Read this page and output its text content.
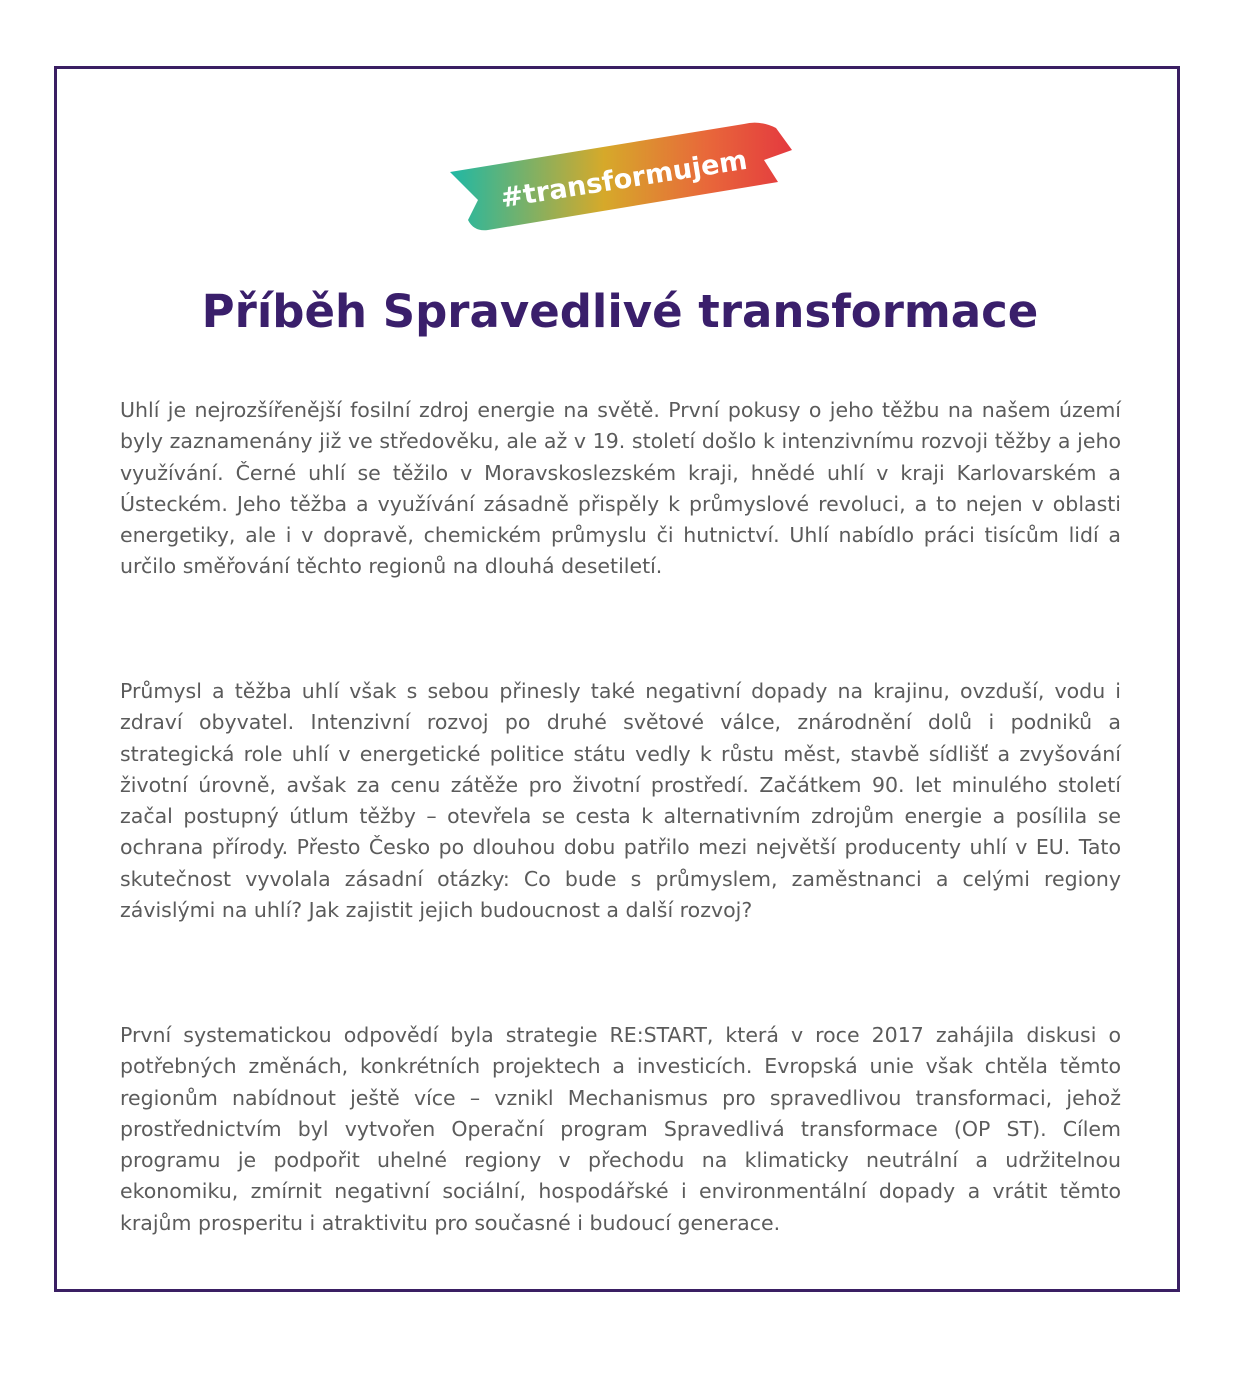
#transformujem
Příběh Spravedlivé transformace

Uhlí je nejrozšířenější fosilní zdroj energie na světě. První pokusy o jeho těžbu na našem území byly zaznamenány již ve středověku, ale až v 19. století došlo k intenzivnímu rozvoji těžby a jeho využívání. Černé uhlí se těžilo v Moravskoslezském kraji, hnědé uhlí v kraji Karlovarském a Ústeckém. Jeho těžba a využívání zásadně přispěly k průmyslové revoluci, a to nejen v oblasti energetiky, ale i v dopravě, chemickém průmyslu či hutnictví. Uhlí nabídlo práci tisícům lidí a určilo směřování těchto regionů na dlouhá desetiletí.

Průmysl a těžba uhlí však s sebou přinesly také negativní dopady na krajinu, ovzduší, vodu i zdraví obyvatel. Intenzivní rozvoj po druhé světové válce, znárodnění dolů i podniků a strategická role uhlí v energetické politice státu vedly k růstu měst, stavbě sídlišť a zvyšování životní úrovně, avšak za cenu zátěže pro životní prostředí. Začátkem 90. let minulého století začal postupný útlum těžby – otevřela se cesta k alternativním zdrojům energie a posílila se ochrana přírody. Přesto Česko po dlouhou dobu patřilo mezi největší producenty uhlí v EU. Tato skutečnost vyvolala zásadní otázky: Co bude s průmyslem, zaměstnanci a celými regiony závislými na uhlí? Jak zajistit jejich budoucnost a další rozvoj?

První systematickou odpovědí byla strategie RE:START, která v roce 2017 zahájila diskusi o potřebných změnách, konkrétních projektech a investicích. Evropská unie však chtěla těmto regionům nabídnout ještě více – vznikl Mechanismus pro spravedlivou transformaci, jehož prostřednictvím byl vytvořen Operační program Spravedlivá transformace (OP ST). Cílem programu je podpořit uhelné regiony v přechodu na klimaticky neutrální a udržitelnou ekonomiku, zmírnit negativní sociální, hospodářské i environmentální dopady a vrátit těmto krajům prosperitu i atraktivitu pro současné i budoucí generace.
